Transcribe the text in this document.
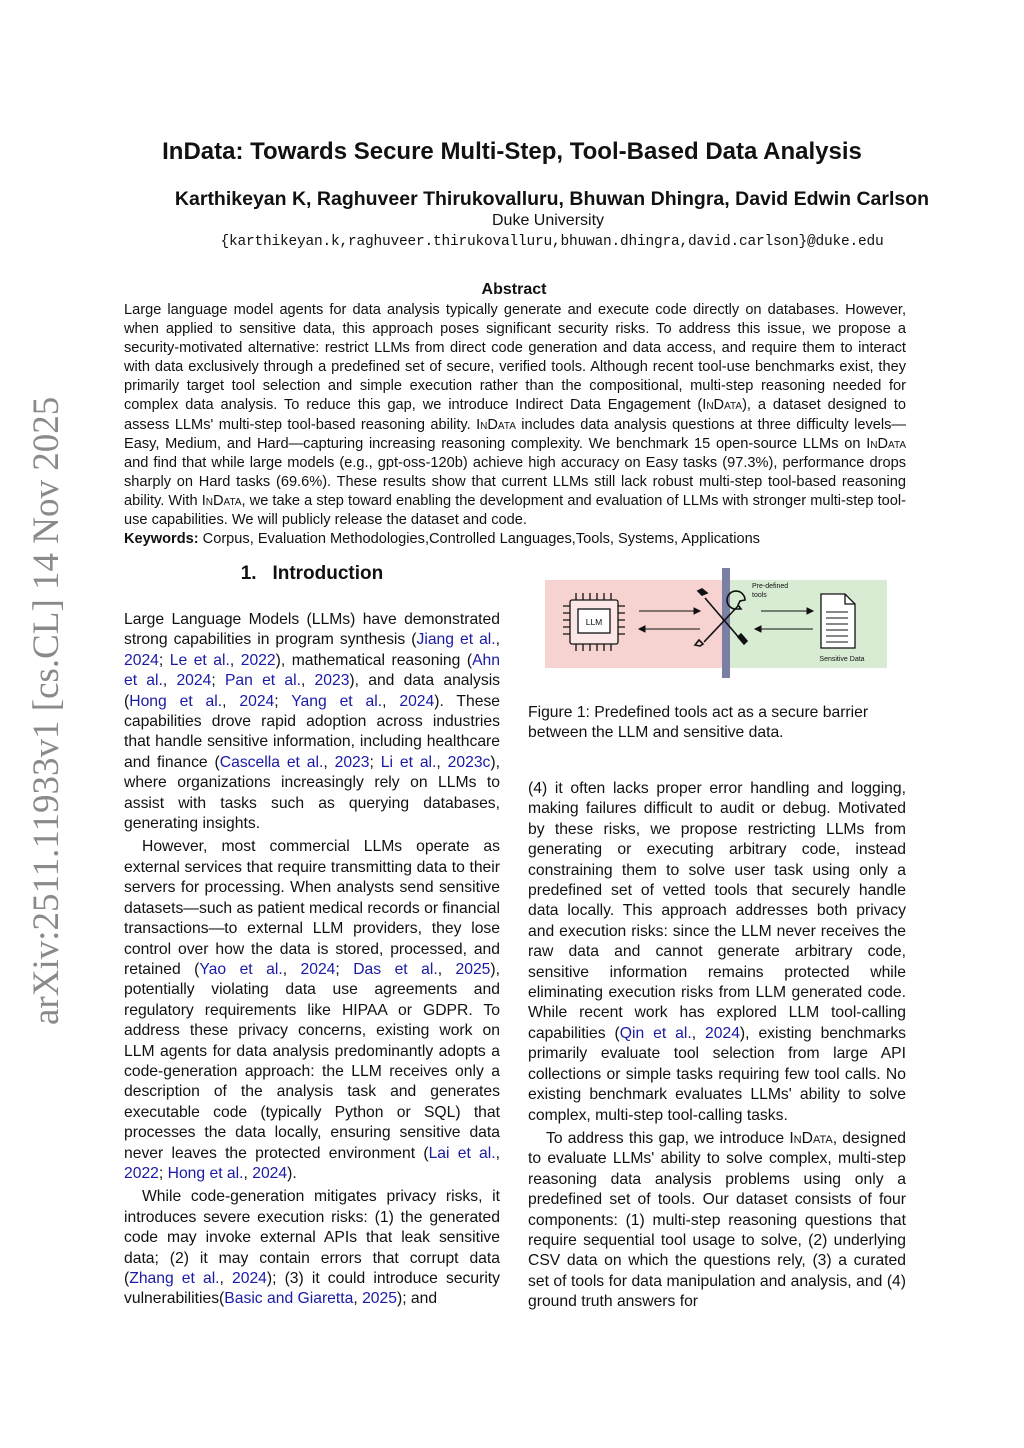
arXiv:2511.11933v1 [cs.CL] 14 Nov 2025
InData: Towards Secure Multi-Step, Tool-Based Data Analysis
Karthikeyan K, Raghuveer Thirukovalluru, Bhuwan Dhingra, David Edwin Carlson
Duke University
{karthikeyan.k,raghuveer.thirukovalluru,bhuwan.dhingra,david.carlson}@duke.edu
Abstract
Large language model agents for data analysis typically generate and execute code directly on databases. However, when applied to sensitive data, this approach poses significant security risks. To address this issue, we propose a security-motivated alternative: restrict LLMs from direct code generation and data access, and require them to interact with data exclusively through a predefined set of secure, verified tools. Although recent tool-use benchmarks exist, they primarily target tool selection and simple execution rather than the compositional, multi-step reasoning needed for complex data analysis. To reduce this gap, we introduce Indirect Data Engagement (InData), a dataset designed to assess LLMs' multi-step tool-based reasoning ability. InData includes data analysis questions at three difficulty levels—Easy, Medium, and Hard—capturing increasing reasoning complexity. We benchmark 15 open-source LLMs on InData and find that while large models (e.g., gpt-oss-120b) achieve high accuracy on Easy tasks (97.3%), performance drops sharply on Hard tasks (69.6%). These results show that current LLMs still lack robust multi-step tool-based reasoning ability. With InData, we take a step toward enabling the development and evaluation of LLMs with stronger multi-step tool-use capabilities. We will publicly release the dataset and code.
Keywords: Corpus, Evaluation Methodologies,Controlled Languages,Tools, Systems, Applications
1. Introduction

Large Language Models (LLMs) have demonstrated strong capabilities in program synthesis (Jiang et al., 2024; Le et al., 2022), mathematical reasoning (Ahn et al., 2024; Pan et al., 2023), and data analysis (Hong et al., 2024; Yang et al., 2024). These capabilities drove rapid adoption across industries that handle sensitive information, including healthcare and finance (Cascella et al., 2023; Li et al., 2023c), where organizations increasingly rely on LLMs to assist with tasks such as querying databases, generating insights.

However, most commercial LLMs operate as external services that require transmitting data to their servers for processing. When analysts send sensitive datasets—such as patient medical records or financial transactions—to external LLM providers, they lose control over how the data is stored, processed, and retained (Yao et al., 2024; Das et al., 2025), potentially violating data use agreements and regulatory requirements like HIPAA or GDPR. To address these privacy concerns, existing work on LLM agents for data analysis predominantly adopts a code-generation approach: the LLM receives only a description of the analysis task and generates executable code (typically Python or SQL) that processes the data locally, ensuring sensitive data never leaves the protected environment (Lai et al., 2022; Hong et al., 2024).

While code-generation mitigates privacy risks, it introduces severe execution risks: (1) the generated code may invoke external APIs that leak sensitive data; (2) it may contain errors that corrupt data (Zhang et al., 2024); (3) it could introduce security vulnerabilities(Basic and Giaretta, 2025); and

LLM
Pre-defined
tools
Sensitive Data
Figure 1: Predefined tools act as a secure barrier between the LLM and sensitive data.

(4) it often lacks proper error handling and logging, making failures difficult to audit or debug. Motivated by these risks, we propose restricting LLMs from generating or executing arbitrary code, instead constraining them to solve user task using only a predefined set of vetted tools that securely handle data locally. This approach addresses both privacy and execution risks: since the LLM never receives the raw data and cannot generate arbitrary code, sensitive information remains protected while eliminating execution risks from LLM generated code. While recent work has explored LLM tool-calling capabilities (Qin et al., 2024), existing benchmarks primarily evaluate tool selection from large API collections or simple tasks requiring few tool calls. No existing benchmark evaluates LLMs' ability to solve complex, multi-step tool-calling tasks.

To address this gap, we introduce InData, designed to evaluate LLMs' ability to solve complex, multi-step reasoning data analysis problems using only a predefined set of tools. Our dataset consists of four components: (1) multi-step reasoning questions that require sequential tool usage to solve, (2) underlying CSV data on which the questions rely, (3) a curated set of tools for data manipulation and analysis, and (4) ground truth answers for
